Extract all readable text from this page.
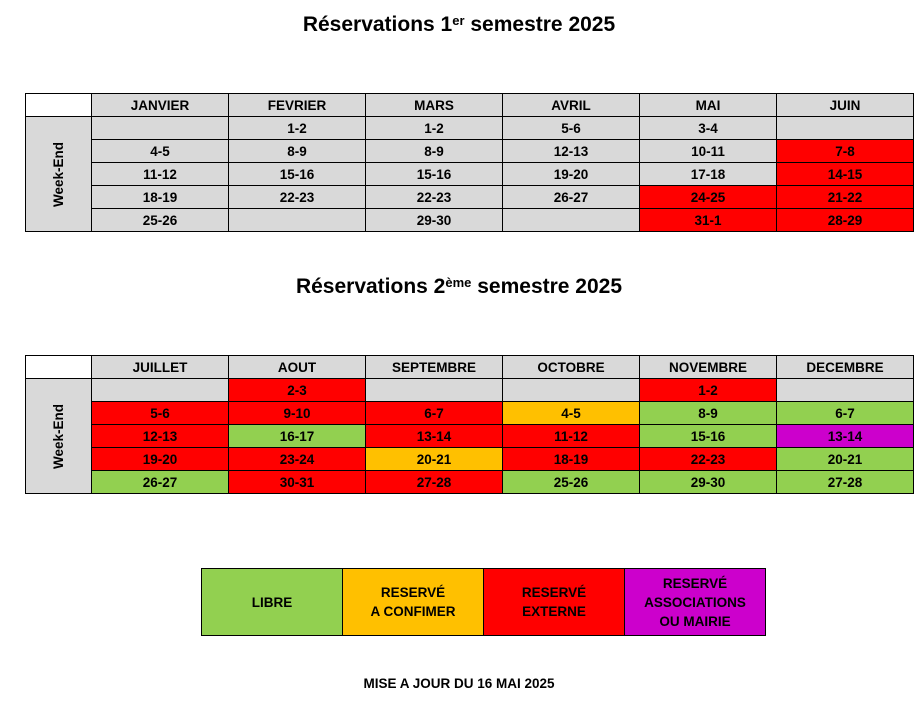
Réservations 1er semestre 2025
	JANVIER	FEVRIER	MARS	AVRIL	MAI	JUIN
Week-End		1-2	1-2	5-6	3-4	
	4-5	8-9	8-9	12-13	10-11	7-8
	11-12	15-16	15-16	19-20	17-18	14-15
	18-19	22-23	22-23	26-27	24-25	21-22
	25-26		29-30		31-1	28-29
Réservations 2ème semestre 2025
	JUILLET	AOUT	SEPTEMBRE	OCTOBRE	NOVEMBRE	DECEMBRE
Week-End		2-3			1-2	
	5-6	9-10	6-7	4-5	8-9	6-7
	12-13	16-17	13-14	11-12	15-16	13-14
	19-20	23-24	20-21	18-19	22-23	20-21
	26-27	30-31	27-28	25-26	29-30	27-28
LIBRE

RESERVÉ
A CONFIMER

RESERVÉ
EXTERNE

RESERVÉ
ASSOCIATIONS
OU MAIRIE
MISE A JOUR DU 16 MAI 2025
